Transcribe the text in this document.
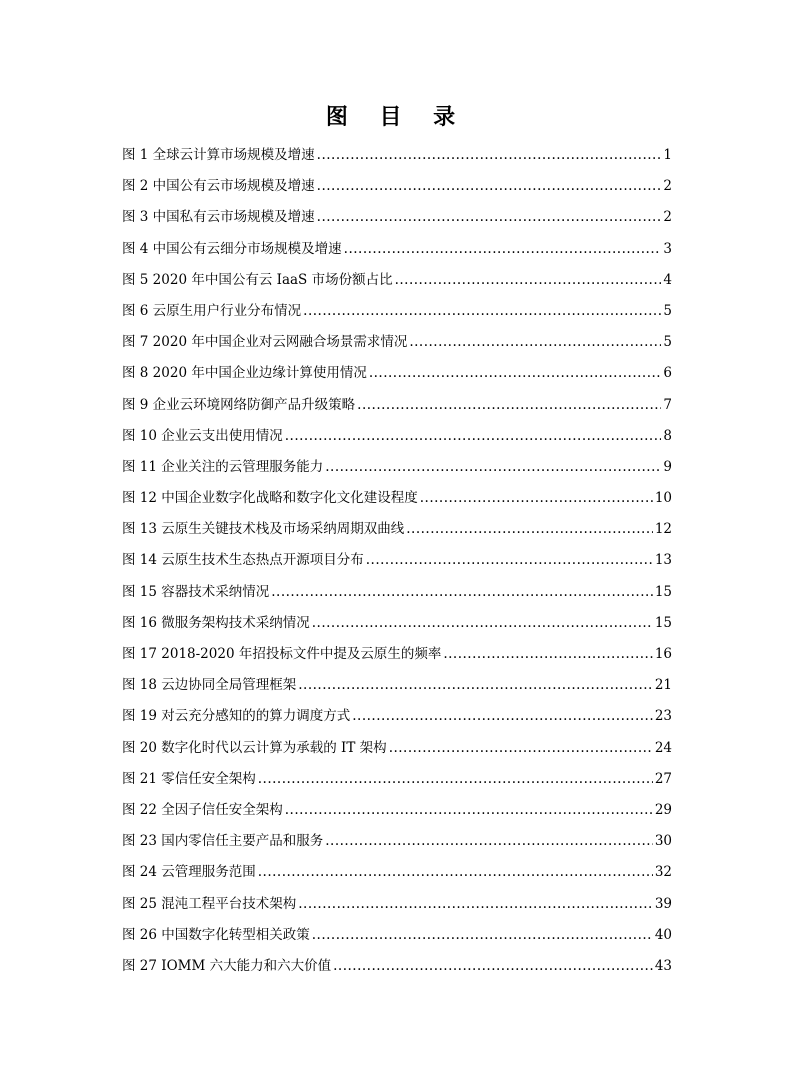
图 目 录
图 1 全球云计算市场规模及增速 .....	1
图 2 中国公有云市场规模及增速 .....	2
图 3 中国私有云市场规模及增速 .....	2
图 4 中国公有云细分市场规模及增速 .....	3
图 5 2020 年中国公有云 IaaS 市场份额占比 .....	4
图 6 云原生用户行业分布情况 .....	5
图 7 2020 年中国企业对云网融合场景需求情况 .....	5
图 8 2020 年中国企业边缘计算使用情况 .....	6
图 9 企业云环境网络防御产品升级策略 .....	7
图 10 企业云支出使用情况 .....	8
图 11 企业关注的云管理服务能力 .....	9
图 12 中国企业数字化战略和数字化文化建设程度 .....	10
图 13 云原生关键技术栈及市场采纳周期双曲线 .....	12
图 14 云原生技术生态热点开源项目分布 .....	13
图 15 容器技术采纳情况 .....	15
图 16 微服务架构技术采纳情况 .....	15
图 17 2018-2020 年招投标文件中提及云原生的频率 .....	16
图 18 云边协同全局管理框架 .....	21
图 19 对云充分感知的的算力调度方式 .....	23
图 20 数字化时代以云计算为承载的 IT 架构 .....	24
图 21 零信任安全架构 .....	27
图 22 全因子信任安全架构 .....	29
图 23 国内零信任主要产品和服务 .....	30
图 24 云管理服务范围 .....	32
图 25 混沌工程平台技术架构 .....	39
图 26 中国数字化转型相关政策 .....	40
图 27 IOMM 六大能力和六大价值 .....	43
